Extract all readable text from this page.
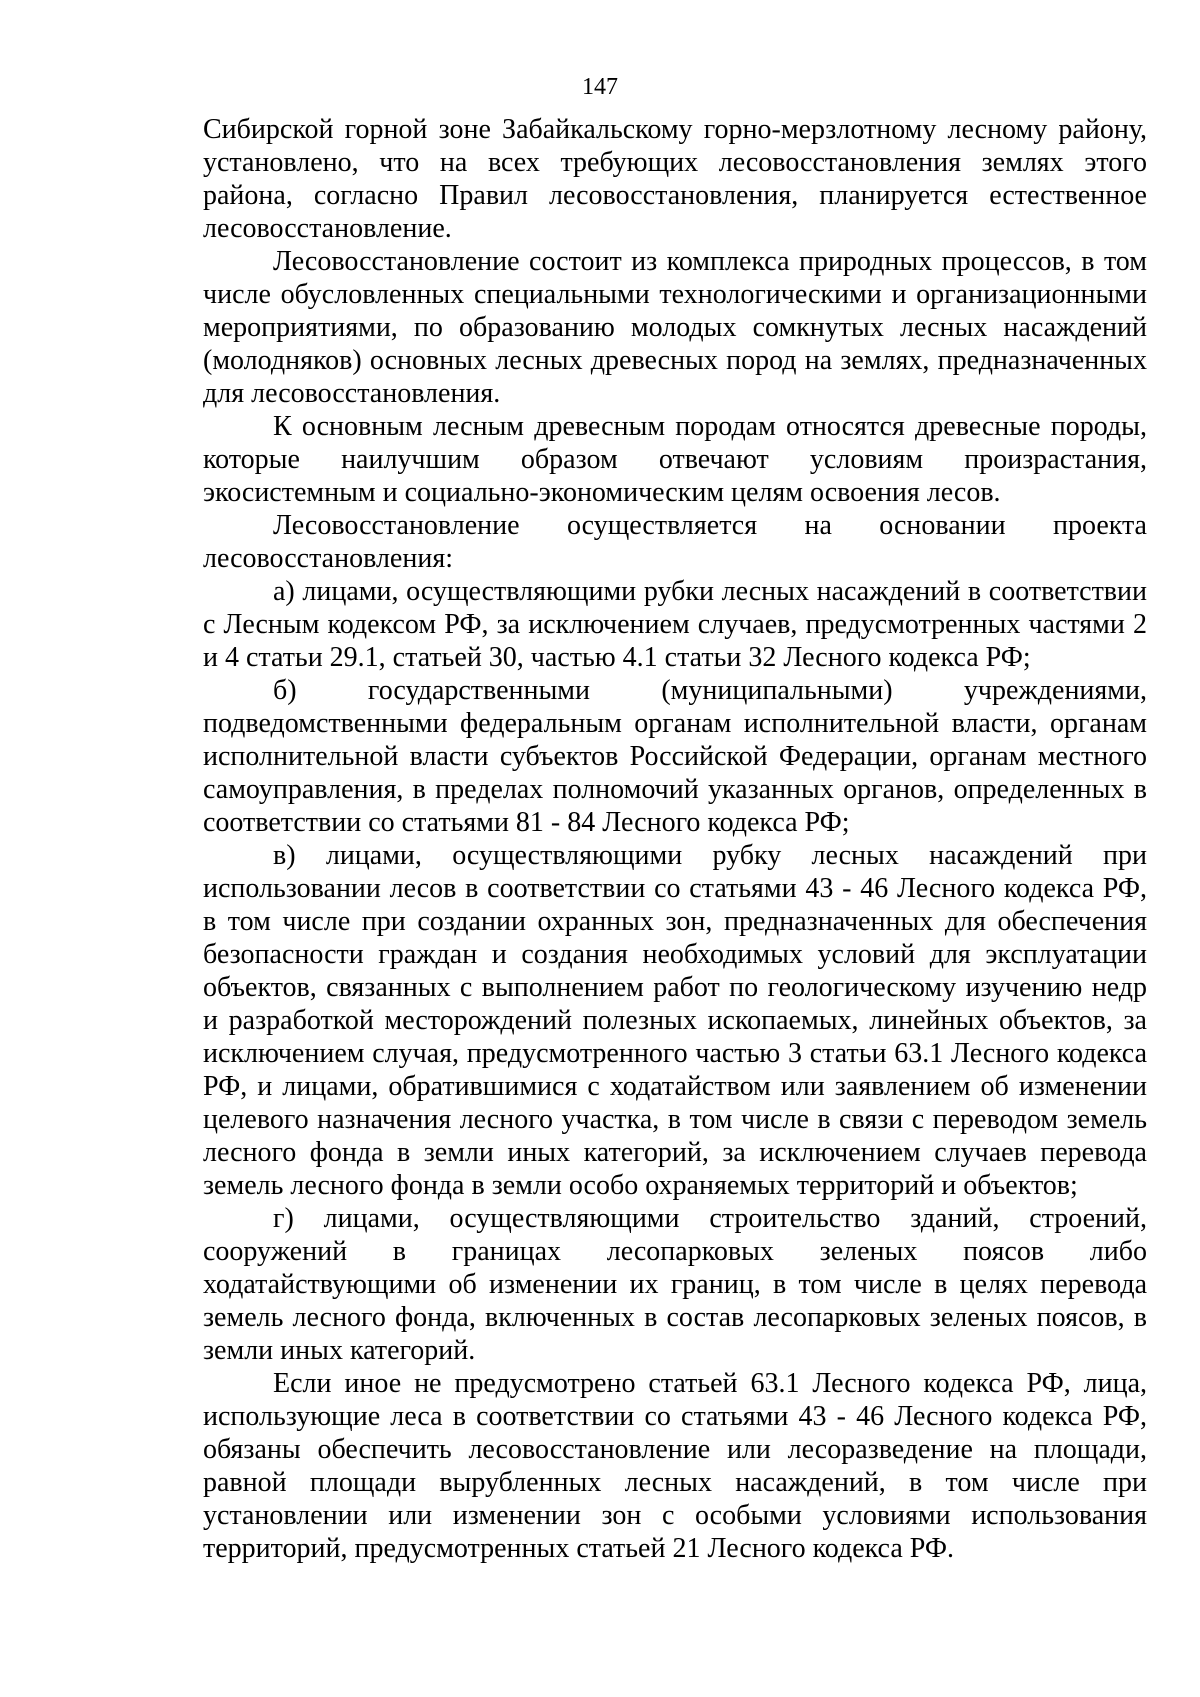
147

Сибирской горной зоне Забайкальскому горно-мерзлотному лесному району, установлено, что на всех требующих лесовосстановления землях этого района, согласно Правил лесовосстановления, планируется естественное лесовосстановление.

Лесовосстановление состоит из комплекса природных процессов, в том числе обусловленных специальными технологическими и организационными мероприятиями, по образованию молодых сомкнутых лесных насаждений (молодняков) основных лесных древесных пород на землях, предназначенных для лесовосстановления.

К основным лесным древесным породам относятся древесные породы, которые наилучшим образом отвечают условиям произрастания, экосистемным и социально-экономическим целям освоения лесов.

Лесовосстановление осуществляется на основании проекта лесовосстановления:

а) лицами, осуществляющими рубки лесных насаждений в соответствии с Лесным кодексом РФ, за исключением случаев, предусмотренных частями 2 и 4 статьи 29.1, статьей 30, частью 4.1 статьи 32 Лесного кодекса РФ;

б) государственными (муниципальными) учреждениями, подведомственными федеральным органам исполнительной власти, органам исполнительной власти субъектов Российской Федерации, органам местного самоуправления, в пределах полномочий указанных органов, определенных в соответствии со статьями 81 - 84 Лесного кодекса РФ;

в) лицами, осуществляющими рубку лесных насаждений при использовании лесов в соответствии со статьями 43 - 46 Лесного кодекса РФ, в том числе при создании охранных зон, предназначенных для обеспечения безопасности граждан и создания необходимых условий для эксплуатации объектов, связанных с выполнением работ по геологическому изучению недр и разработкой месторождений полезных ископаемых, линейных объектов, за исключением случая, предусмотренного частью 3 статьи 63.1 Лесного кодекса РФ, и лицами, обратившимися с ходатайством или заявлением об изменении целевого назначения лесного участка, в том числе в связи с переводом земель лесного фонда в земли иных категорий, за исключением случаев перевода земель лесного фонда в земли особо охраняемых территорий и объектов;

г) лицами, осуществляющими строительство зданий, строений, сооружений в границах лесопарковых зеленых поясов либо ходатайствующими об изменении их границ, в том числе в целях перевода земель лесного фонда, включенных в состав лесопарковых зеленых поясов, в земли иных категорий.

Если иное не предусмотрено статьей 63.1 Лесного кодекса РФ, лица, использующие леса в соответствии со статьями 43 - 46 Лесного кодекса РФ, обязаны обеспечить лесовосстановление или лесоразведение на площади, равной площади вырубленных лесных насаждений, в том числе при установлении или изменении зон с особыми условиями использования территорий, предусмотренных статьей 21 Лесного кодекса РФ.
